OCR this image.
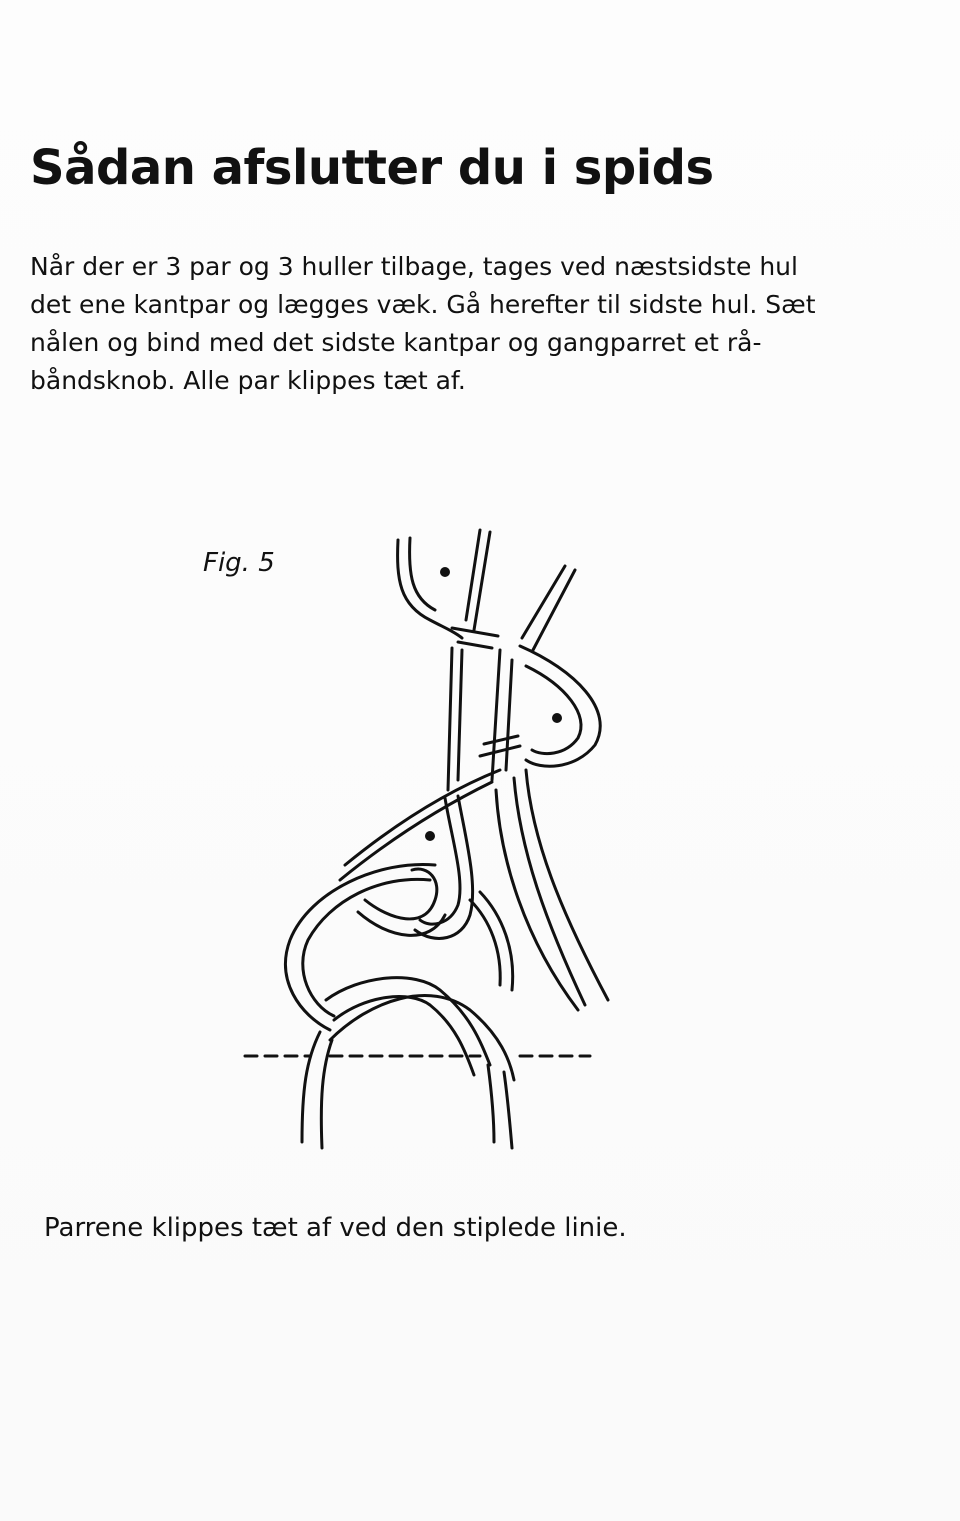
Sådan afslutter du i spids
Når der er 3 par og 3 huller tilbage, tages ved næstsidste hul
det ene kantpar og lægges væk. Gå herefter til sidste hul. Sæt
nålen og bind med det sidste kantpar og gangparret et rå-
båndsknob. Alle par klippes tæt af.
Fig. 5

Parrene klippes tæt af ved den stiplede linie.
